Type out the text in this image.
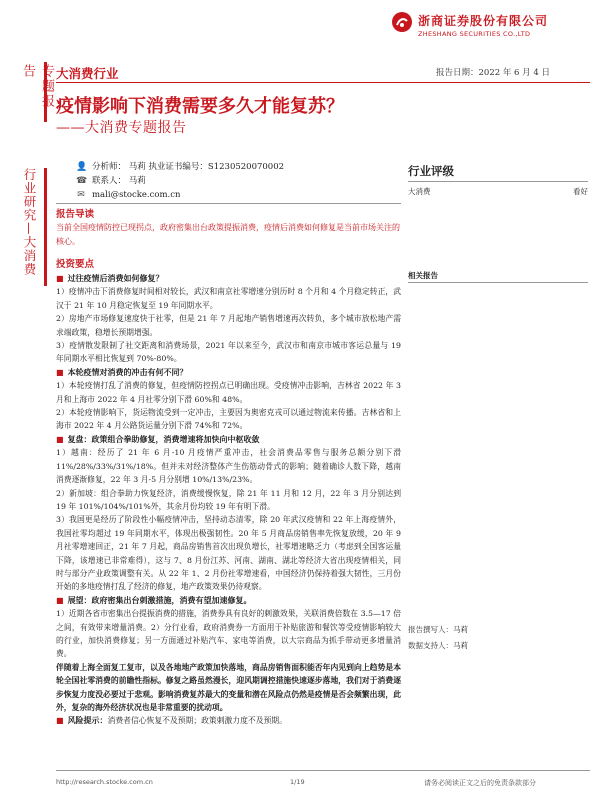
浙商证券股份有限公司
ZHESHANG SECURITIES CO.,LTD
告
行业研究—大消费
大消费行业	报告日期：2022 年 6 月 4 日
疫情影响下消费需要多久才能复苏？
——大消费专题报告
👤 分析师： 马莉 执业证书编号：S1230520070002
☎ 联系人： 马莉
✉ mali@stocke.com.cn
行业评级
大消费	看好
相关报告
报告撰写人：马莉
数据支持人：马莉
报告导读
当前全国疫情防控已现拐点，政府密集出台政策提振消费，疫情后消费如何修复是当前市场关注的核心。
投资要点
■ 过往疫情后消费如何修复？
1）疫情冲击下消费修复时间相对较长，武汉和南京社零增速分别历时 8 个月和 4 个月稳定转正，武汉于 21 年 10 月稳定恢复至 19 年同期水平。
2）房地产市场修复速度快于社零，但是 21 年 7 月起地产销售增速再次转负，多个城市放松地产需求端政策，稳增长预期增强。
3）疫情散发限制了社交距离和消费场景，2021 年以来至今，武汉市和南京市城市客运总量与 19 年同期水平相比恢复到 70%-80%。
■ 本轮疫情对消费的冲击有何不同？
1）本轮疫情打乱了消费的修复，但疫情防控拐点已明确出现。受疫情冲击影响，吉林省 2022 年 3 月和上海市 2022 年 4 月社零分别下滑 60%和 48%。
2）本轮疫情影响下，货运物流受到一定冲击，主要因为奥密克戎可以通过物流来传播。吉林省和上海市 2022 年 4 月公路货运量分别下滑 74%和 72%。
■ 复盘：政策组合拳助修复，消费增速将加快向中枢收敛
1）越南：经历了 21 年 6 月-10 月疫情严重冲击，社会消费品零售与服务总额分别下滑 11%/28%/33%/31%/18%。但并未对经济整体产生伤筋动骨式的影响；随着确诊人数下降，越南消费逐渐修复，22 年 3 月-5 月分别增 10%/13%/23%。
2）新加坡：组合拳助力恢复经济，消费缓慢恢复，除 21 年 11 月和 12 月，22 年 3 月分别达到 19 年 101%/104%/101%外，其余月份均较 19 年有明下滑。
3）我国更是经历了阶段性小幅疫情冲击，坚持动态清零，除 20 年武汉疫情和 22 年上海疫情外，我国社零均超过 19 年同期水平，体现出极强韧性。20 年 5 月商品房销售率先恢复放缓，20 年 9 月社零增速回正，21 年 7 月起，商品房销售首次出现负增长，社零增速略乏力（考虑到全国客运量下降，该增速已非常难得），这与 7、8 月份江苏、河南、湖南、湖北等经济大省出现疫情相关，同时与部分产业政策调整有关。从 22 年 1、2 月份社零增速看，中国经济仍保持着强大韧性，三月份开始的多地疫情打乱了经济的修复，地产政策效果仍待观察。
■ 展望：政府密集出台刺激措施，消费有望加速修复。
1）近期各省市密集出台提振消费的措施，消费券具有良好的刺激效果，关联消费倍数在 3.5—17 倍之间，有效带来增量消费。2）分行业看，政府消费券一方面用于补贴旅游和餐饮等受疫情影响较大的行业，加快消费修复；另一方面通过补贴汽车、家电等消费，以大宗商品为抓手带动更多增量消费。
伴随着上海全面复工复市，以及各地地产政策加快落地，商品房销售面积能否年内见到向上趋势是本轮全国社零消费的前瞻性指标。修复之路虽然漫长，迎风期调控措施快速逐步落地，我们对于消费逐步恢复力度没必要过于悲观。影响消费复苏最大的变量和潜在风险点仍然是疫情是否会频繁出现，此外，复杂的海外经济状况也是非常重要的扰动项。
■ 风险提示：消费者信心恢复不及预期；政策刺激力度不及预期。
http://research.stocke.com.cn	1/19	请务必阅读正文之后的免责条款部分
